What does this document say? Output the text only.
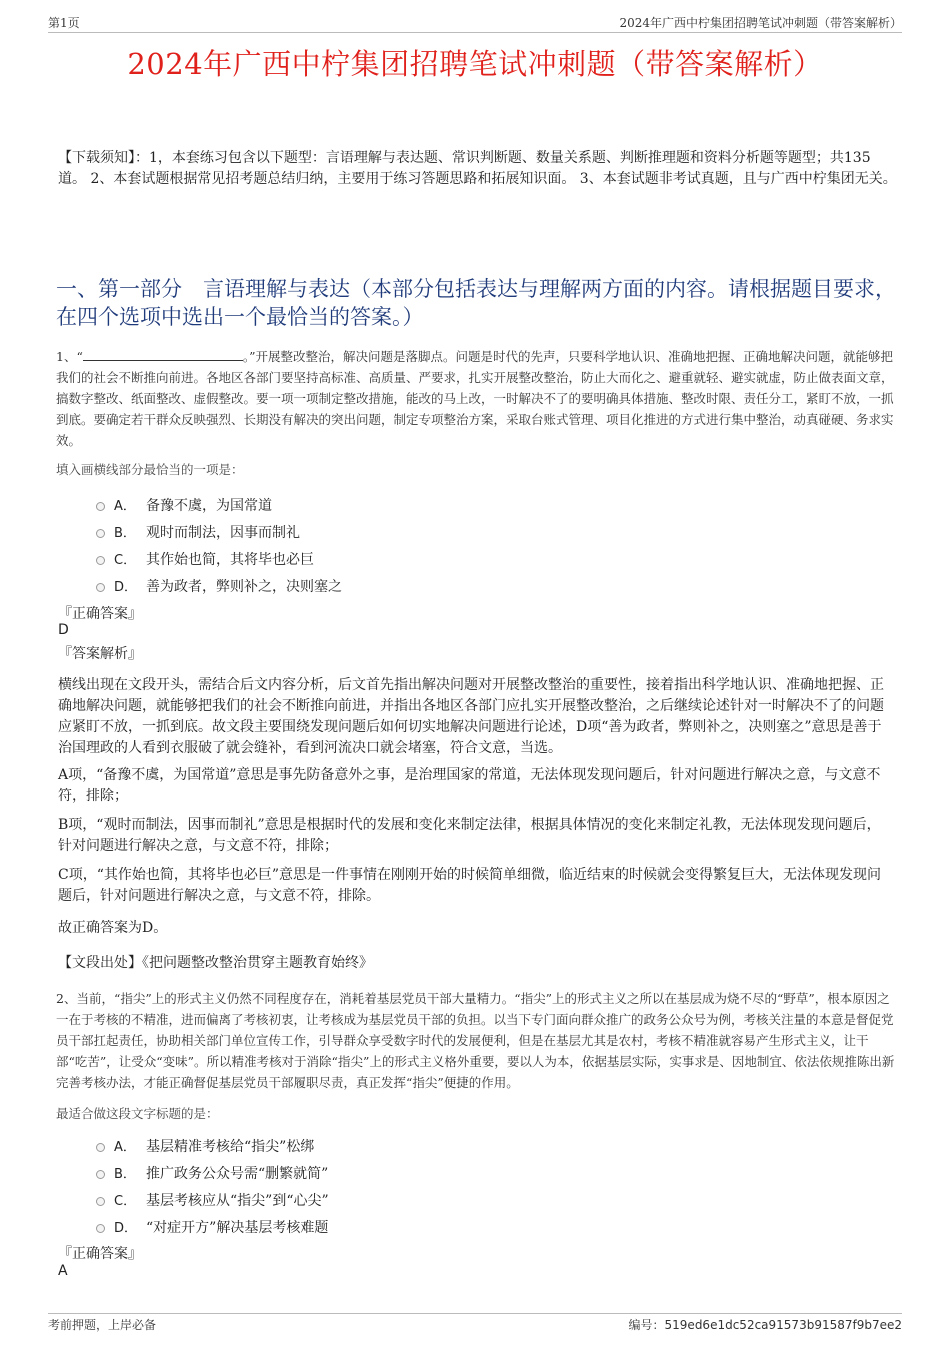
第1页	2024年广西中柠集团招聘笔试冲刺题（带答案解析）
2024年广西中柠集团招聘笔试冲刺题（带答案解析）
【下载须知】：1，本套练习包含以下题型：言语理解与表达题、常识判断题、数量关系题、判断推理题和资料分析题等题型；共135道。 2、本套试题根据常见招考题总结归纳，主要用于练习答题思路和拓展知识面。 3、本套试题非考试真题，且与广西中柠集团无关。
一、第一部分　言语理解与表达（本部分包括表达与理解两方面的内容。请根据题目要求，在四个选项中选出一个最恰当的答案。）
1、“	。”开展整改整治，解决问题是落脚点。问题是时代的先声，只要科学地认识、准确地把握、正确地解决问题，就能够把我们的社会不断推向前进。各地区各部门要坚持高标准、高质量、严要求，扎实开展整改整治，防止大而化之、避重就轻、避实就虚，防止做表面文章，搞数字整改、纸面整改、虚假整改。要一项一项制定整改措施，能改的马上改，一时解决不了的要明确具体措施、整改时限、责任分工，紧盯不放，一抓到底。要确定若干群众反映强烈、长期没有解决的突出问题，制定专项整治方案，采取台账式管理、项目化推进的方式进行集中整治，动真碰硬、务求实效。
填入画横线部分最恰当的一项是：
A． 备豫不虞，为国常道
B． 观时而制法，因事而制礼
C． 其作始也简，其将毕也必巨
D． 善为政者，弊则补之，决则塞之
『正确答案』
D
『答案解析』
横线出现在文段开头，需结合后文内容分析，后文首先指出解决问题对开展整改整治的重要性，接着指出科学地认识、准确地把握、正确地解决问题，就能够把我们的社会不断推向前进，并指出各地区各部门应扎实开展整改整治，之后继续论述针对一时解决不了的问题应紧盯不放，一抓到底。故文段主要围绕发现问题后如何切实地解决问题进行论述，D项“善为政者，弊则补之，决则塞之”意思是善于治国理政的人看到衣服破了就会缝补，看到河流决口就会堵塞，符合文意，当选。
A项，“备豫不虞，为国常道”意思是事先防备意外之事，是治理国家的常道，无法体现发现问题后，针对问题进行解决之意，与文意不符，排除；
B项，“观时而制法，因事而制礼”意思是根据时代的发展和变化来制定法律，根据具体情况的变化来制定礼教，无法体现发现问题后，针对问题进行解决之意，与文意不符，排除；
C项，“其作始也简，其将毕也必巨”意思是一件事情在刚刚开始的时候简单细微，临近结束的时候就会变得繁复巨大，无法体现发现问题后，针对问题进行解决之意，与文意不符，排除。
故正确答案为D。
【文段出处】《把问题整改整治贯穿主题教育始终》
2、当前，“指尖”上的形式主义仍然不同程度存在，消耗着基层党员干部大量精力。“指尖”上的形式主义之所以在基层成为烧不尽的“野草”，根本原因之一在于考核的不精准，进而偏离了考核初衷，让考核成为基层党员干部的负担。以当下专门面向群众推广的政务公众号为例，考核关注量的本意是督促党员干部扛起责任，协助相关部门单位宣传工作，引导群众享受数字时代的发展便利，但是在基层尤其是农村，考核不精准就容易产生形式主义，让干部“吃苦”，让受众“变味”。所以精准考核对于消除“指尖”上的形式主义格外重要，要以人为本，依据基层实际，实事求是、因地制宜、依法依规推陈出新完善考核办法，才能正确督促基层党员干部履职尽责，真正发挥“指尖”便捷的作用。
最适合做这段文字标题的是：
A． 基层精准考核给“指尖”松绑
B． 推广政务公众号需“删繁就简”
C． 基层考核应从“指尖”到“心尖”
D． “对症开方”解决基层考核难题
『正确答案』
A
考前押题，上岸必备	编号：519ed6e1dc52ca91573b91587f9b7ee2
